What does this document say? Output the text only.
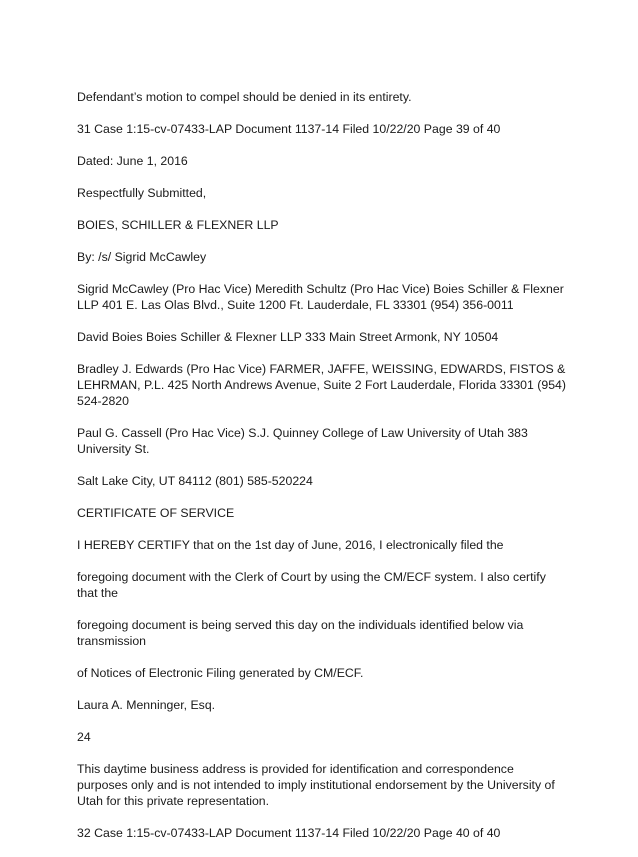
Defendant’s motion to compel should be denied in its entirety.

31 Case 1:15-cv-07433-LAP Document 1137-14 Filed 10/22/20 Page 39 of 40

Dated: June 1, 2016

Respectfully Submitted,

BOIES, SCHILLER & FLEXNER LLP

By: /s/ Sigrid McCawley

Sigrid McCawley (Pro Hac Vice) Meredith Schultz (Pro Hac Vice) Boies Schiller & Flexner LLP 401 E. Las Olas Blvd., Suite 1200 Ft. Lauderdale, FL 33301 (954) 356-0011

David Boies Boies Schiller & Flexner LLP 333 Main Street Armonk, NY 10504

Bradley J. Edwards (Pro Hac Vice) FARMER, JAFFE, WEISSING, EDWARDS, FISTOS & LEHRMAN, P.L. 425 North Andrews Avenue, Suite 2 Fort Lauderdale, Florida 33301 (954) 524-2820

Paul G. Cassell (Pro Hac Vice) S.J. Quinney College of Law University of Utah 383 University St.

Salt Lake City, UT 84112 (801) 585-520224

CERTIFICATE OF SERVICE

I HEREBY CERTIFY that on the 1st day of June, 2016, I electronically filed the

foregoing document with the Clerk of Court by using the CM/ECF system. I also certify that the

foregoing document is being served this day on the individuals identified below via transmission

of Notices of Electronic Filing generated by CM/ECF.

Laura A. Menninger, Esq.

24

This daytime business address is provided for identification and correspondence purposes only and is not intended to imply institutional endorsement by the University of Utah for this private representation.

32 Case 1:15-cv-07433-LAP Document 1137-14 Filed 10/22/20 Page 40 of 40
